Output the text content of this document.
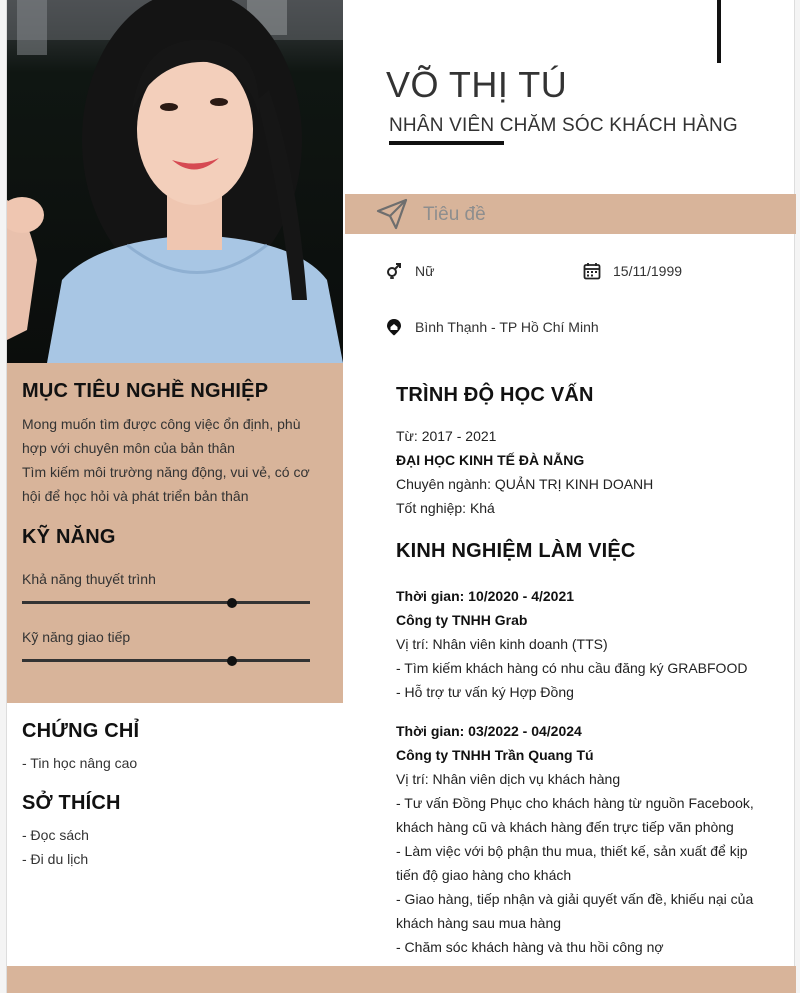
MỤC TIÊU NGHỀ NGHIỆP
Mong muốn tìm được công việc ổn định, phù
hợp với chuyên môn của bản thân
Tìm kiếm môi trường năng động, vui vẻ, có cơ
hội để học hỏi và phát triển bản thân
KỸ NĂNG
Khả năng thuyết trình
Kỹ năng giao tiếp
CHỨNG CHỈ
- Tin học nâng cao
SỞ THÍCH
- Đọc sách
- Đi du lịch
VÕ THỊ TÚ
NHÂN VIÊN CHĂM SÓC KHÁCH HÀNG
Tiêu đề
Nữ	15/11/1999
Bình Thạnh - TP Hồ Chí Minh
TRÌNH ĐỘ HỌC VẤN
Từ: 2017 - 2021
ĐẠI HỌC KINH TẾ ĐÀ NẴNG
Chuyên ngành: QUẢN TRỊ KINH DOANH
Tốt nghiệp: Khá
KINH NGHIỆM LÀM VIỆC
Thời gian: 10/2020 - 4/2021
Công ty TNHH Grab
Vị trí: Nhân viên kinh doanh (TTS)
- Tìm kiếm khách hàng có nhu cầu đăng ký GRABFOOD
- Hỗ trợ tư vấn ký Hợp Đồng
Thời gian: 03/2022 - 04/2024
Công ty TNHH Trần Quang Tú
Vị trí: Nhân viên dịch vụ khách hàng
- Tư vấn Đồng Phục cho khách hàng từ nguồn Facebook,
khách hàng cũ và khách hàng đến trực tiếp văn phòng
- Làm việc với bộ phận thu mua, thiết kế, sản xuất để kịp
tiến độ giao hàng cho khách
- Giao hàng, tiếp nhận và giải quyết vấn đề, khiếu nại của
khách hàng sau mua hàng
- Chăm sóc khách hàng và thu hồi công nợ
